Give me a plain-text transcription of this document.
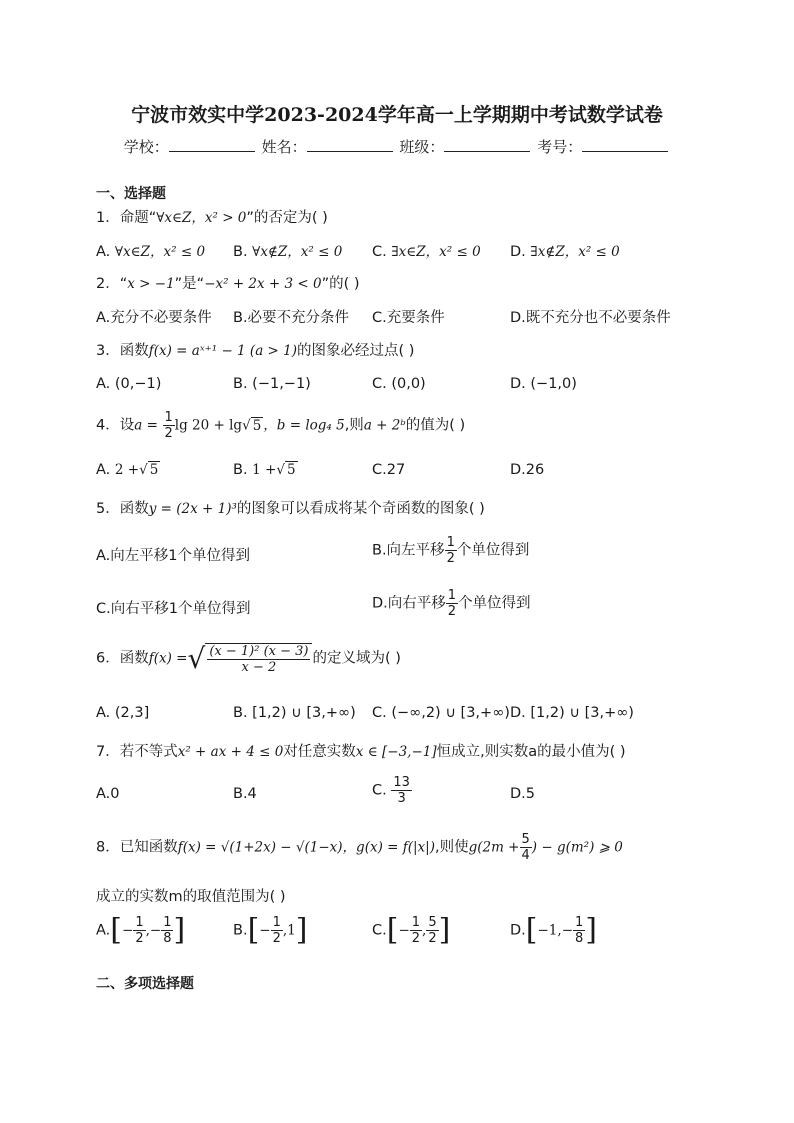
宁波市效实中学2023-2024学年高一上学期期中考试数学试卷
学校：	姓名：	班级：	考号：
一、选择题
1．命题“∀x∈Z，x² > 0”的否定为( )
A. ∀x∈Z，x² ≤ 0 B. ∀x∉Z，x² ≤ 0 C. ∃x∈Z，x² ≤ 0 D. ∃x∉Z，x² ≤ 0
2．“x > −1”是“−x² + 2x + 3 < 0”的( )
A.充分不必要条件 B.必要不充分条件 C.充要条件	D.既不充分也不必要条件
3．函数f(x) = aˣ⁺¹ − 1 (a > 1)的图象必经过点( )
A. (0,−1)	B. (−1,−1)	C. (0,0)	D. (−1,0)
4．设$a = \frac{1}{2}$ lg 20 + lg√ 5 ，b = log₄ 5,则a + 2ᵇ的值为( )
A. 2 +√ 5	B. 1 +√ 5	C.27	D.26
5．函数y = (2x + 1)³的图象可以看成将某个奇函数的图象( )
A.向左平移1个单位得到	B.向左平移 $\frac{1}{2}$ 个单位得到
C.向右平移1个单位得到	D.向右平移 $\frac{1}{2}$ 个单位得到
6．函数f(x) =√ $\frac{\text{(x − 1)² (x − 3)}}{x - 2}$ 的定义域为( )
A. (2,3]	B. [1,2) ∪ [3,+∞) C. (−∞,2) ∪ [3,+∞) D. [1,2) ∪ [3,+∞)
7．若不等式x² + ax + 4 ≤ 0对任意实数x ∈ [−3,−1]恒成立,则实数a的最小值为( )
A.0	B.4	C. $\frac{13}{3}$	D.5
8．已知函数f(x) = √(1+2x) − √(1−x)，g(x) = f(|x|),则使$g(2m + \frac{5}{4}$ ) − g(m²) ⩾ 0
成立的实数m的取值范围为( )
$A.[- \frac{1}{2}$ ,− $\frac{1}{8}$ ]	$B.[- \frac{1}{2} ,1]$	$C.[- \frac{1}{2}$ , $\frac{5}{2}$ ]	$D.[-1,- \frac{1}{8}$ ]
二、多项选择题
